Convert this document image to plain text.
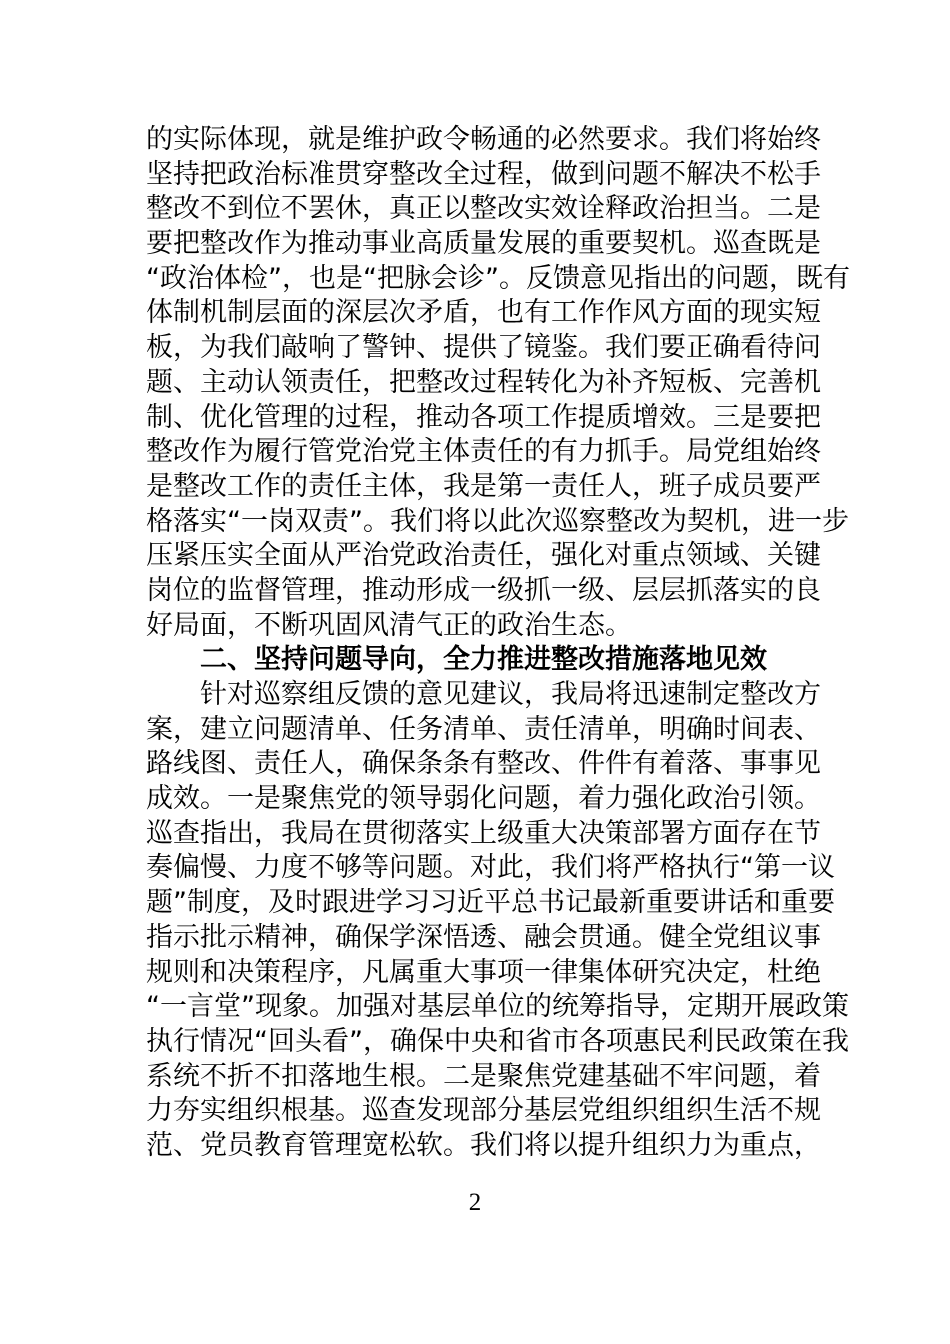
的实际体现，就是维护政令畅通的必然要求。我们将始终
坚持把政治标准贯穿整改全过程，做到问题不解决不松手
整改不到位不罢休，真正以整改实效诠释政治担当。二是
要把整改作为推动事业高质量发展的重要契机。巡查既是
“政治体检”，也是“把脉会诊”。反馈意见指出的问题，既有
体制机制层面的深层次矛盾，也有工作作风方面的现实短
板，为我们敲响了警钟、提供了镜鉴。我们要正确看待问
题、主动认领责任，把整改过程转化为补齐短板、完善机
制、优化管理的过程，推动各项工作提质增效。三是要把
整改作为履行管党治党主体责任的有力抓手。局党组始终
是整改工作的责任主体，我是第一责任人，班子成员要严
格落实“一岗双责”。我们将以此次巡察整改为契机，进一步
压紧压实全面从严治党政治责任，强化对重点领域、关键
岗位的监督管理，推动形成一级抓一级、层层抓落实的良
好局面，不断巩固风清气正的政治生态。
二、坚持问题导向，全力推进整改措施落地见效
针对巡察组反馈的意见建议，我局将迅速制定整改方
案，建立问题清单、任务清单、责任清单，明确时间表、
路线图、责任人，确保条条有整改、件件有着落、事事见
成效。一是聚焦党的领导弱化问题，着力强化政治引领。
巡查指出，我局在贯彻落实上级重大决策部署方面存在节
奏偏慢、力度不够等问题。对此，我们将严格执行“第一议
题”制度，及时跟进学习习近平总书记最新重要讲话和重要
指示批示精神，确保学深悟透、融会贯通。健全党组议事
规则和决策程序，凡属重大事项一律集体研究决定，杜绝
“一言堂”现象。加强对基层单位的统筹指导，定期开展政策
执行情况“回头看”，确保中央和省市各项惠民利民政策在我
系统不折不扣落地生根。二是聚焦党建基础不牢问题，着
力夯实组织根基。巡查发现部分基层党组织组织生活不规
范、党员教育管理宽松软。我们将以提升组织力为重点，
2
